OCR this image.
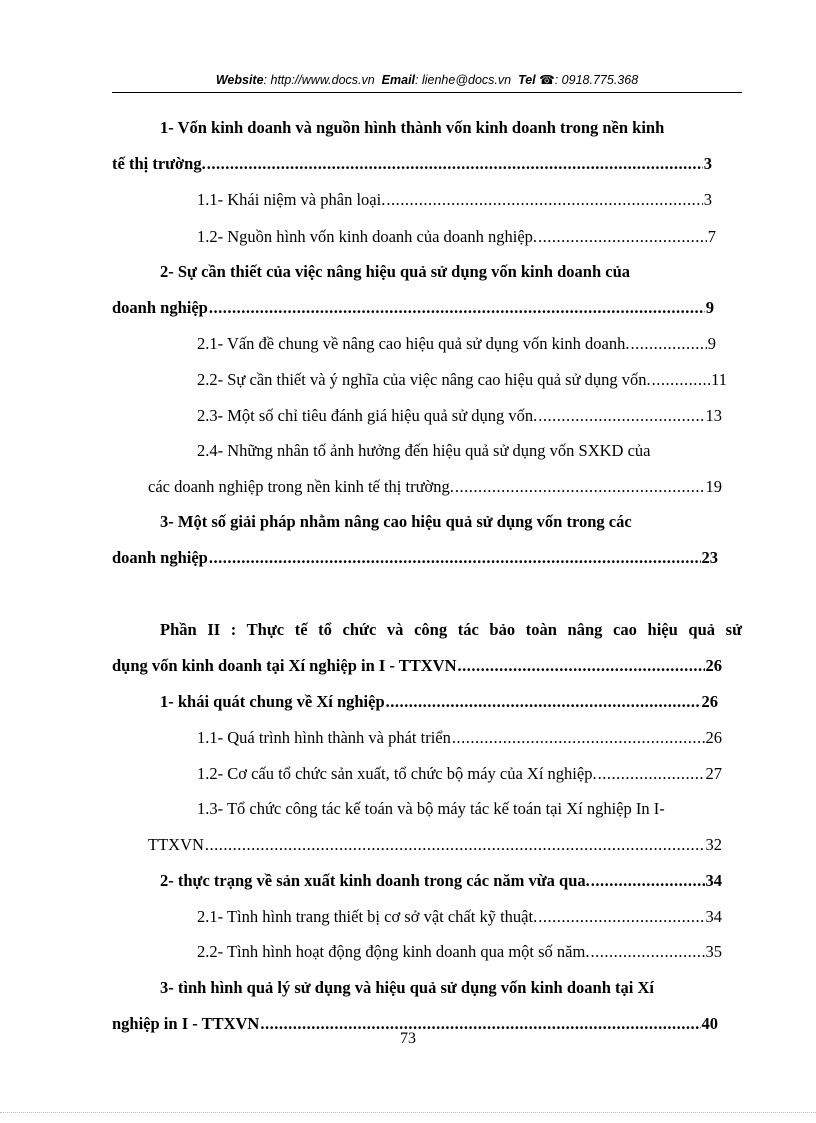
Website: http://www.docs.vn Email: lienhe@docs.vn Tel ☎: 0918.775.368
1- Vốn kinh doanh và nguồn hình thành vốn kinh doanh trong nền kinh
tế thị trường. .....	3
1.1- Khái niệm và phân loại. .....	3
1.2- Nguồn hình vốn kinh doanh của doanh nghiệp. .....	7
2- Sự cần thiết của việc nâng hiệu quả sử dụng vốn kinh doanh của
doanh nghiệp .....	9
2.1- Vấn đề chung về nâng cao hiệu quả sử dụng vốn kinh doanh. .....	9
2.2- Sự cần thiết và ý nghĩa của việc nâng cao hiệu quả sử dụng vốn. .....	11
2.3- Một số chỉ tiêu đánh giá hiệu quả sử dụng vốn. .....	13
2.4- Những nhân tố ảnh hưởng đến hiệu quả sử dụng vốn SXKD của
các doanh nghiệp trong nền kinh tế thị trường. .....	19
3- Một số giải pháp nhằm nâng cao hiệu quả sử dụng vốn trong các
doanh nghiệp .....	23
Phần II : Thực tế tổ chức và công tác bảo toàn nâng cao hiệu quả sử
dụng vốn kinh doanh tại Xí nghiệp in I - TTXVN .....	26
1- khái quát chung về Xí nghiệp .....	26
1.1- Quá trình hình thành và phát triển .....	26
1.2- Cơ cấu tổ chức sản xuất, tổ chức bộ máy của Xí nghiệp. .....	27
1.3- Tổ chức công tác kế toán và bộ máy tác kế toán tại Xí nghiệp In I-
TTXVN .....	32
2- thực trạng về sản xuất kinh doanh trong các năm vừa qua. .....	34
2.1- Tình hình trang thiết bị cơ sở vật chất kỹ thuật. .....	34
2.2- Tình hình hoạt động động kinh doanh qua một số năm. .....	35
3- tình hình quả lý sử dụng và hiệu quả sử dụng vốn kinh doanh tại Xí
nghiệp in I - TTXVN .....	40
73
